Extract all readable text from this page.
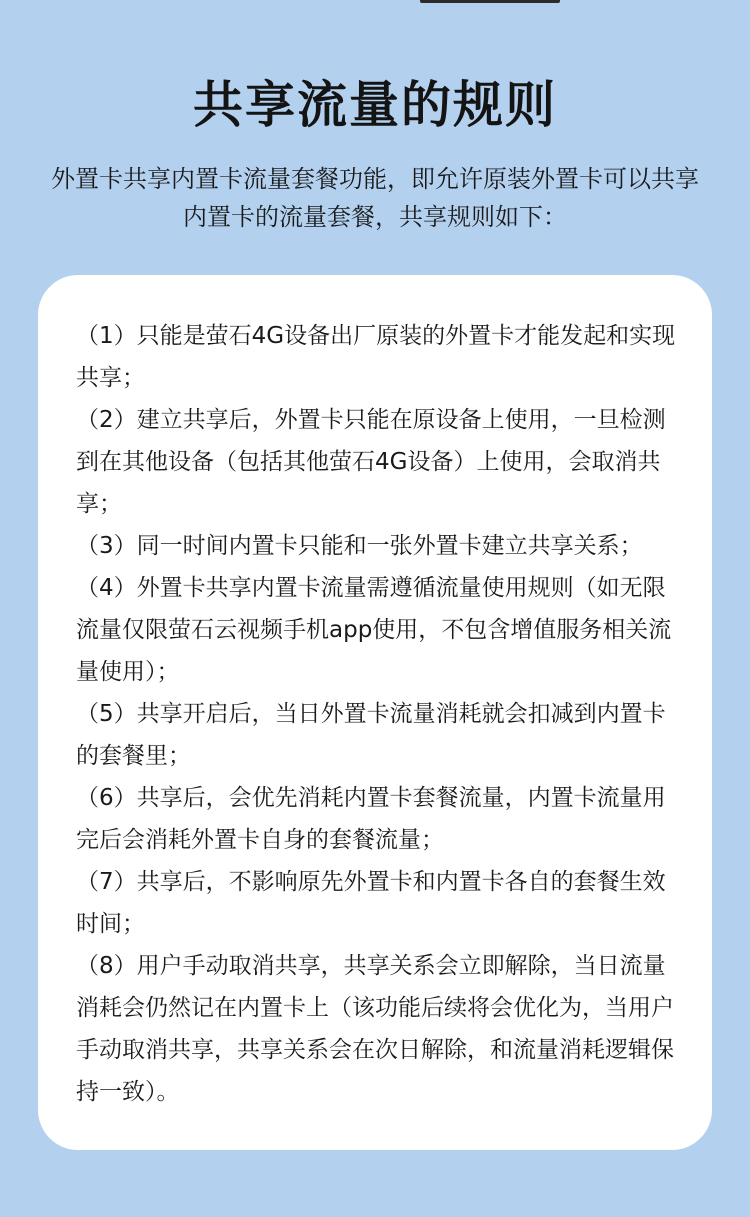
共享流量的规则

外置卡共享内置卡流量套餐功能，即允许原装外置卡可以共享内置卡的流量套餐，共享规则如下：

（1）只能是萤石4G设备出厂原装的外置卡才能发起和实现共享；
（2）建立共享后，外置卡只能在原设备上使用，一旦检测到在其他设备（包括其他萤石4G设备）上使用，会取消共享；
（3）同一时间内置卡只能和一张外置卡建立共享关系；
（4）外置卡共享内置卡流量需遵循流量使用规则（如无限流量仅限萤石云视频手机app使用，不包含增值服务相关流量使用）；
（5）共享开启后，当日外置卡流量消耗就会扣减到内置卡的套餐里；
（6）共享后，会优先消耗内置卡套餐流量，内置卡流量用完后会消耗外置卡自身的套餐流量；
（7）共享后，不影响原先外置卡和内置卡各自的套餐生效时间；
（8）用户手动取消共享，共享关系会立即解除，当日流量消耗会仍然记在内置卡上（该功能后续将会优化为，当用户手动取消共享，共享关系会在次日解除，和流量消耗逻辑保持一致）。
